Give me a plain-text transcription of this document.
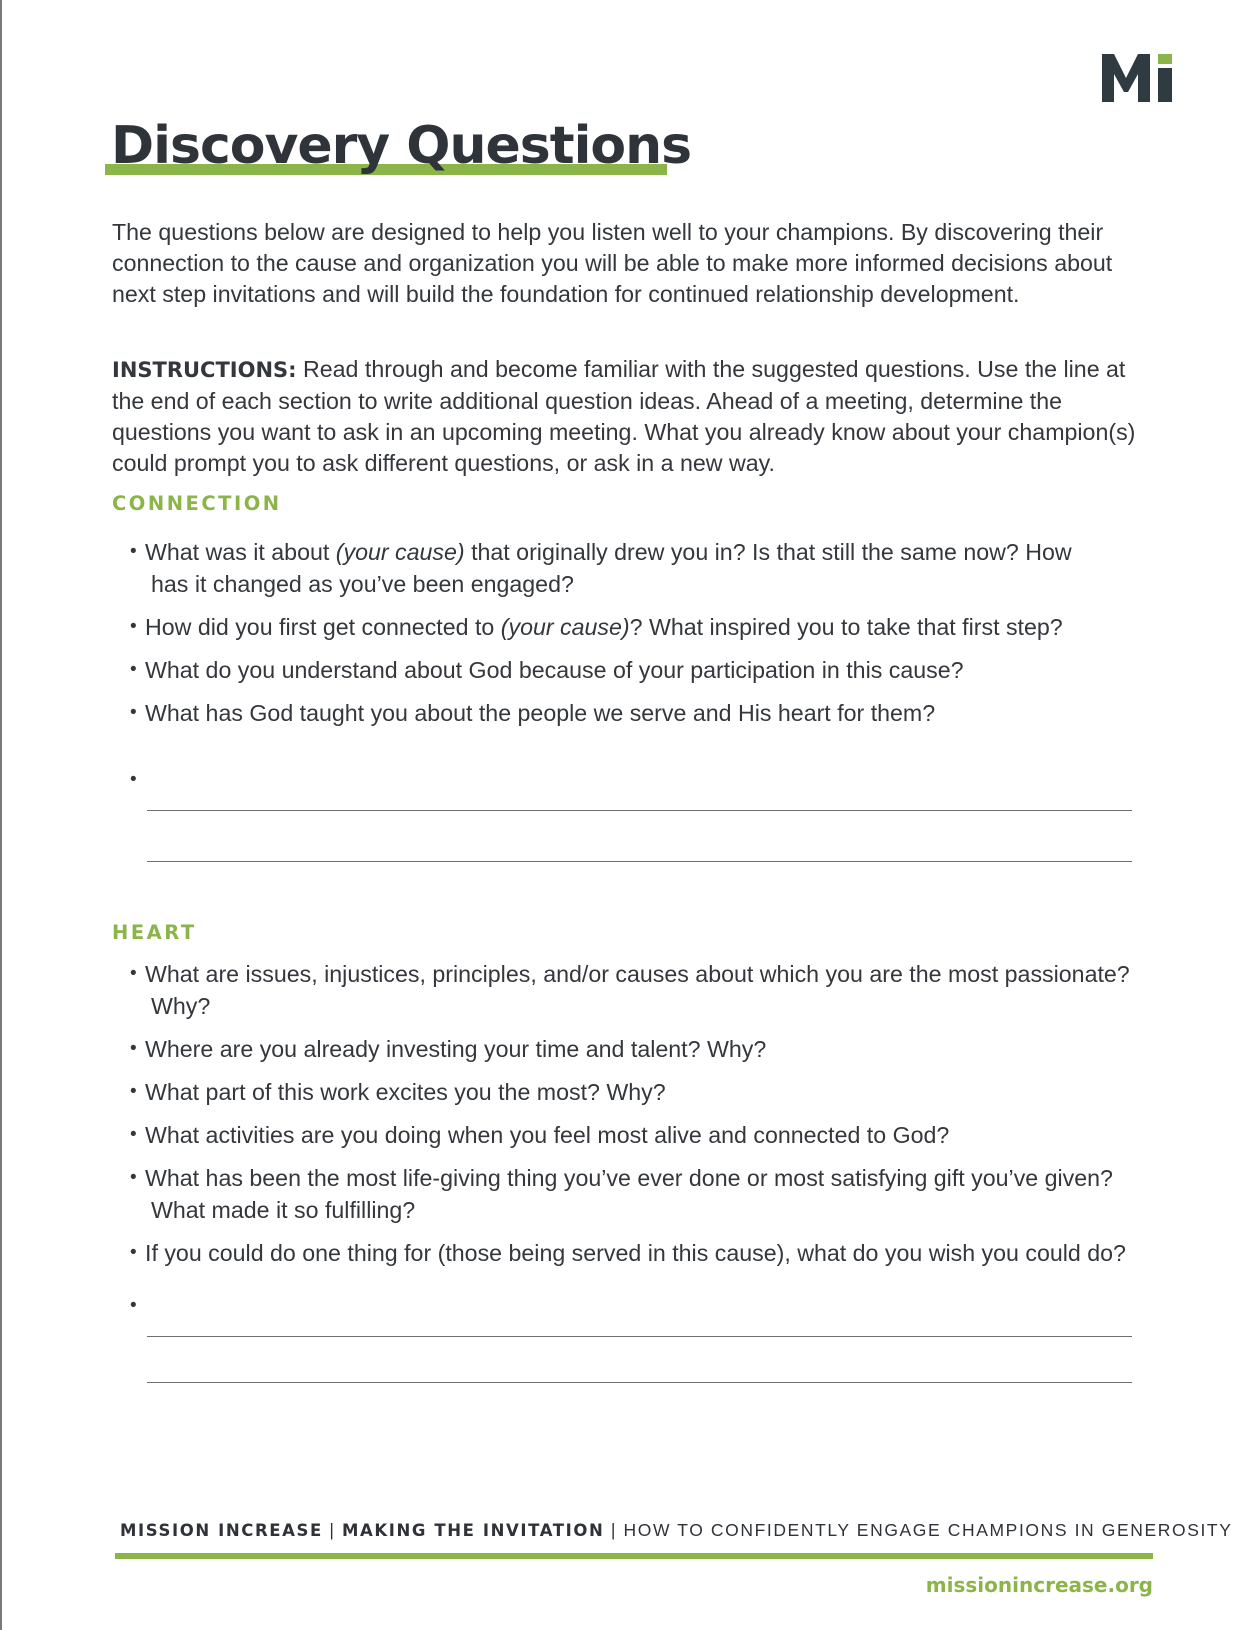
Discovery Questions

The questions below are designed to help you listen well to your champions. By discovering their connection to the cause and organization you will be able to make more informed decisions about next step invitations and will build the foundation for continued relationship development.

INSTRUCTIONS: Read through and become familiar with the suggested questions. Use the line at the end of each section to write additional question ideas. Ahead of a meeting, determine the questions you want to ask in an upcoming meeting. What you already know about your champion(s) could prompt you to ask different questions, or ask in a new way.

CONNECTION
• What was it about (your cause) that originally drew you in? Is that still the same now? How
has it changed as you’ve been engaged?
• How did you first get connected to (your cause)? What inspired you to take that first step?
• What do you understand about God because of your participation in this cause?
• What has God taught you about the people we serve and His heart for them?
•
HEART
• What are issues, injustices, principles, and/or causes about which you are the most passionate?
Why?
• Where are you already investing your time and talent? Why?
• What part of this work excites you the most? Why?
• What activities are you doing when you feel most alive and connected to God?
• What has been the most life-giving thing you’ve ever done or most satisfying gift you’ve given?
What made it so fulfilling?
• If you could do one thing for (those being served in this cause), what do you wish you could do?
•

MISSION INCREASE | MAKING THE INVITATION | HOW TO CONFIDENTLY ENGAGE CHAMPIONS IN GENEROSITY

missionincrease.org
